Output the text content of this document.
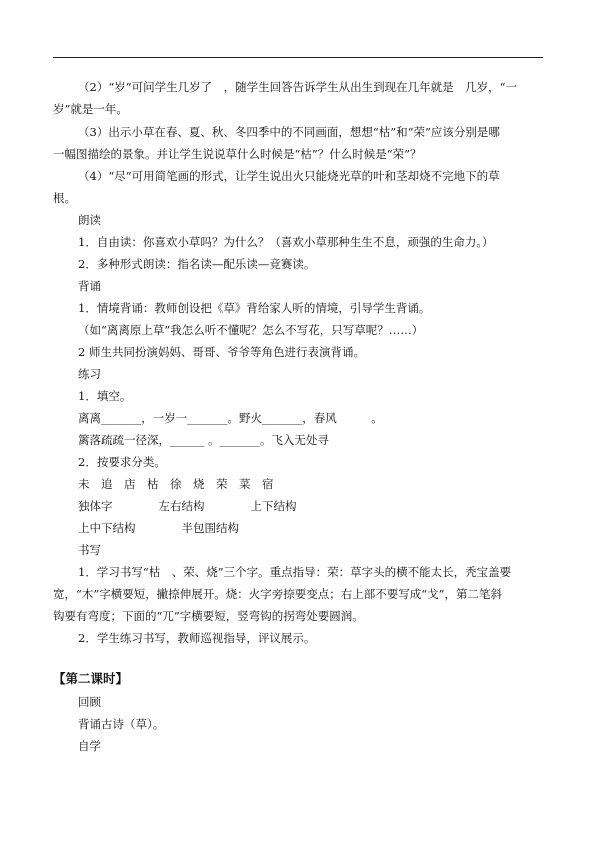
（2）“岁”可问学生几岁了　，随学生回答告诉学生从出生到现在几年就是　几岁，“一
岁”就是一年。
（3）出示小草在春、夏、秋、冬四季中的不同画面，想想“枯”和“荣”应该分别是哪
一幅图描绘的景象。并让学生说说草什么时候是“枯”？什么时候是“荣”？
（4）“尽”可用简笔画的形式，让学生说出火只能烧光草的叶和茎却烧不完地下的草
根。
朗读
1．自由读：你喜欢小草吗？为什么？（喜欢小草那种生生不息，顽强的生命力。）
2．多种形式朗读：指名读—配乐读—竞赛读。
背诵
1．情境背诵：教师创设把《草》背给家人听的情境，引导学生背诵。
（如“离离原上草”我怎么听不懂呢？怎么不写花，只写草呢？……）
2 师生共同扮演妈妈、哥哥、爷爷等角色进行表演背诵。
练习
1．填空。
离离_______，一岁一_______。野火_______，春风　　　。
篱落疏疏一径深，______ 。_______。飞入无处寻
2．按要求分类。
未　追　店　枯　徐　烧　荣　菜　宿
独体字　　　　左右结构　　　　上下结构
上中下结构　　　　半包围结构
书写
1．学习书写“枯　、荣、烧”三个字。重点指导：荣：草字头的横不能太长，秃宝盖要
宽，“木”字横要短，撇捺伸展开。烧：火字旁捺要变点；右上部不要写成“戈”，第二笔斜
钩要有弯度；下面的“兀”字横要短，竖弯钩的拐弯处要圆润。
2．学生练习书写，教师巡视指导，评议展示。
【第二课时】
回顾
背诵古诗（草）。
自学
